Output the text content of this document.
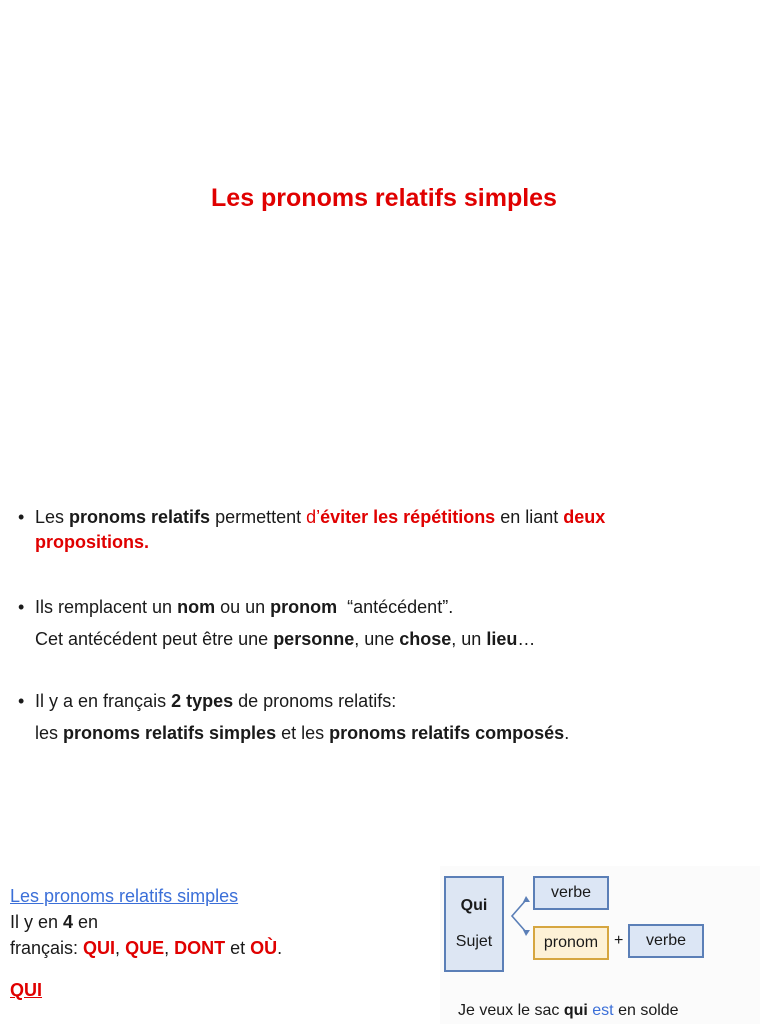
Les pronoms relatifs simples
• Les pronoms relatifs permettent d’éviter les répétitions en liant deux
propositions.
• Ils remplacent un nom ou un pronom  “antécédent”.
Cet antécédent peut être une personne, une chose, un lieu…
• Il y a en français 2 types de pronoms relatifs:
les pronoms relatifs simples et les pronoms relatifs composés.
Les pronoms relatifs simples
Il y en 4 en
français: QUI, QUE, DONT et OÙ.
QUI
Qui
Sujet
verbe
pronom +	verbe
Je veux le sac qui est en solde
